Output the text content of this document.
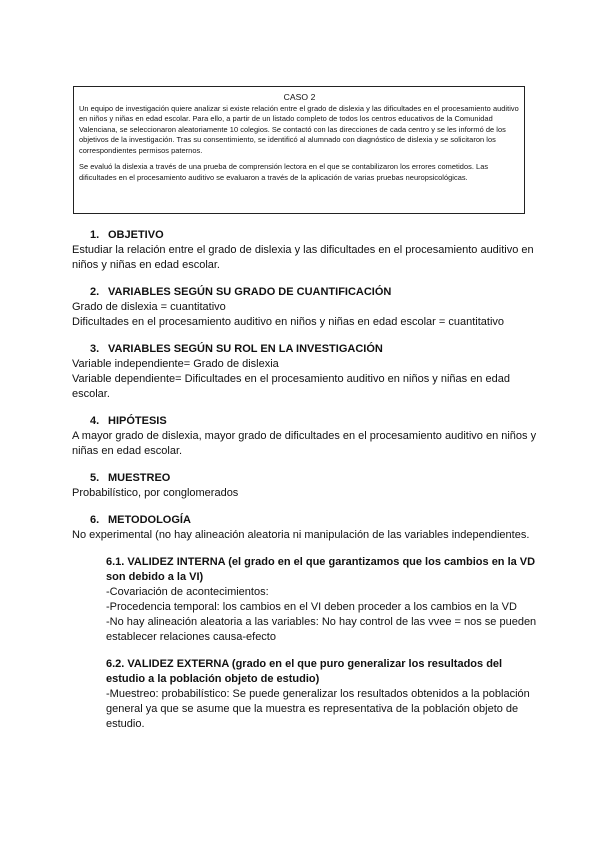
CASO 2

Un equipo de investigación quiere analizar si existe relación entre el grado de dislexia y las dificultades en el procesamiento auditivo en niños y niñas en edad escolar. Para ello, a partir de un listado completo de todos los centros educativos de la Comunidad Valenciana, se seleccionaron aleatoriamente 10 colegios. Se contactó con las direcciones de cada centro y se les informó de los objetivos de la investigación. Tras su consentimiento, se identificó al alumnado con diagnóstico de dislexia y se solicitaron los correspondientes permisos paternos.

Se evaluó la dislexia a través de una prueba de comprensión lectora en el que se contabilizaron los errores cometidos. Las dificultades en el procesamiento auditivo se evaluaron a través de la aplicación de varias pruebas neuropsicológicas.

1. OBJETIVO
Estudiar la relación entre el grado de dislexia y las dificultades en el procesamiento auditivo en niños y niñas en edad escolar.
2. VARIABLES SEGÚN SU GRADO DE CUANTIFICACIÓN
Grado de dislexia = cuantitativo
Dificultades en el procesamiento auditivo en niños y niñas en edad escolar = cuantitativo
3. VARIABLES SEGÚN SU ROL EN LA INVESTIGACIÓN
Variable independiente= Grado de dislexia
Variable dependiente= Dificultades en el procesamiento auditivo en niños y niñas en edad escolar.
4. HIPÓTESIS
A mayor grado de dislexia, mayor grado de dificultades en el procesamiento auditivo en niños y niñas en edad escolar.
5. MUESTREO
Probabilístico, por conglomerados
6. METODOLOGÍA
No experimental (no hay alineación aleatoria ni manipulación de las variables independientes.
6.1. VALIDEZ INTERNA (el grado en el que garantizamos que los cambios en la VD son debido a la VI)
-Covariación de acontecimientos:
-Procedencia temporal: los cambios en el VI deben proceder a los cambios en la VD
-No hay alineación aleatoria a las variables: No hay control de las vvee = nos se pueden establecer relaciones causa-efecto
6.2. VALIDEZ EXTERNA (grado en el que puro generalizar los resultados del estudio a la población objeto de estudio)
-Muestreo: probabilístico: Se puede generalizar los resultados obtenidos a la población general ya que se asume que la muestra es representativa de la población objeto de estudio.
